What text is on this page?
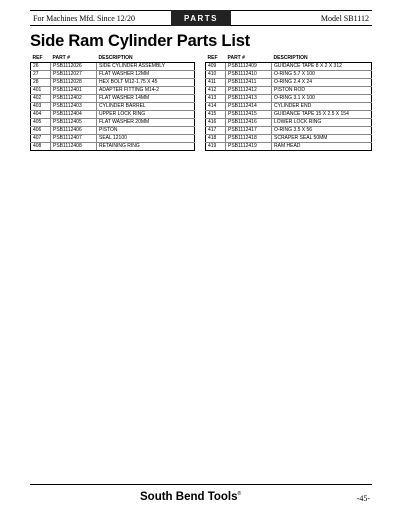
For Machines Mfd. Since 12/20	PARTS	Model SB1112
Side Ram Cylinder Parts List
REF	PART #	DESCRIPTION
26	PSB1112026	SIDE CYLINDER ASSEMBLY
27	PSB1112027	FLAT WASHER 12MM
28	PSB1112028	HEX BOLT M12-1.75 X 45
401	PSB1112401	ADAPTER FITTING M14-2
402	PSB1112402	FLAT WASHER 14MM
403	PSB1112403	CYLINDER BARREL
404	PSB1112404	UPPER LOCK RING
405	PSB1112405	FLAT WASHER 20MM
406	PSB1112406	PISTON
407	PSB1112407	SEAL 12100
408	PSB1112408	RETAINING RING
REF	PART #	DESCRIPTION
409	PSB1112409	GUIDANCE TAPE 8 X 2 X 312
410	PSB1112410	O-RING 5.7 X 100
411	PSB1112411	O-RING 2.4 X 24
412	PSB1112412	PISTON ROD
413	PSB1112413	O-RING 3.1 X 100
414	PSB1112414	CYLINDER END
415	PSB1112415	GUIDANCE TAPE 15 X 2.5 X 154
416	PSB1112416	LOWER LOCK RING
417	PSB1112417	O-RING 3.5 X 56
418	PSB1112418	SCRAPER SEAL 50MM
419	PSB1112419	RAM HEAD
South Bend Tools®	-45-
